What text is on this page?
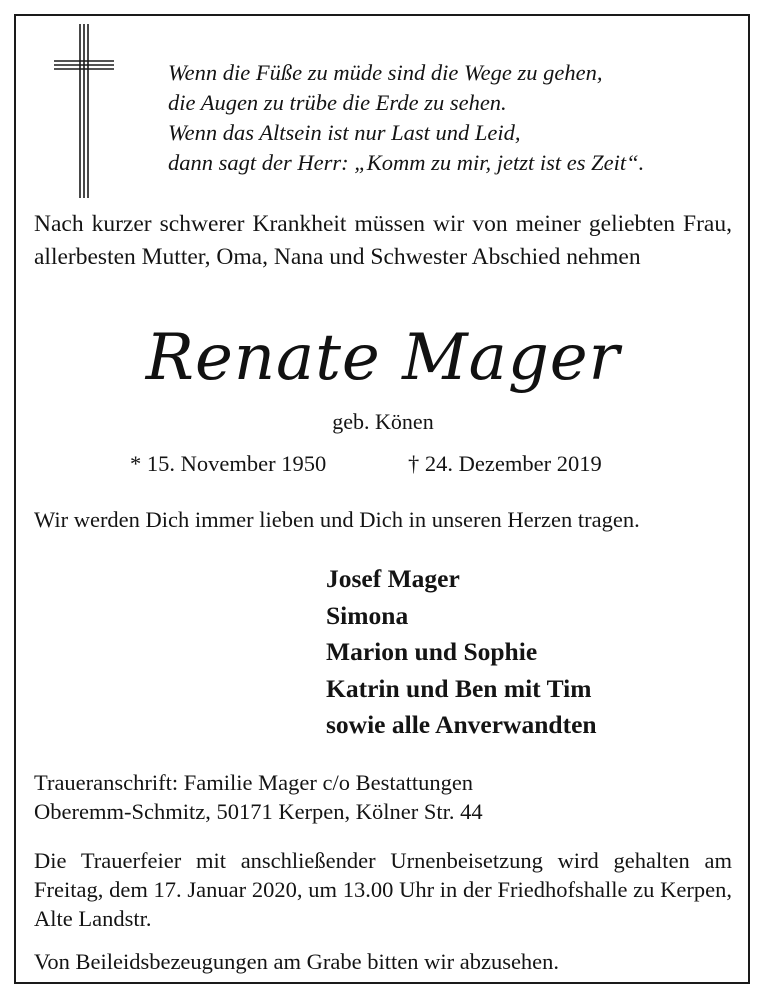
Wenn die Füße zu müde sind die Wege zu gehen,
die Augen zu trübe die Erde zu sehen.
Wenn das Altsein ist nur Last und Leid,
dann sagt der Herr: „Komm zu mir, jetzt ist es Zeit“.

Nach kurzer schwerer Krankheit müssen wir von meiner geliebten Frau, allerbesten Mutter, Oma, Nana und Schwester Abschied nehmen

Renate Mager
geb. Könen
* 15. November 1950	† 24. Dezember 2019
Wir werden Dich immer lieben und Dich in unseren Herzen tragen.
Josef Mager
Simona
Marion und Sophie
Katrin und Ben mit Tim
sowie alle Anverwandten
Traueranschrift: Familie Mager c/o Bestattungen
Oberemm-Schmitz, 50171 Kerpen, Kölner Str. 44

Die Trauerfeier mit anschließender Urnenbeisetzung wird gehalten am Freitag, dem 17. Januar 2020, um 13.00 Uhr in der Friedhofshalle zu Kerpen, Alte Landstr.

Von Beileidsbezeugungen am Grabe bitten wir abzusehen.
